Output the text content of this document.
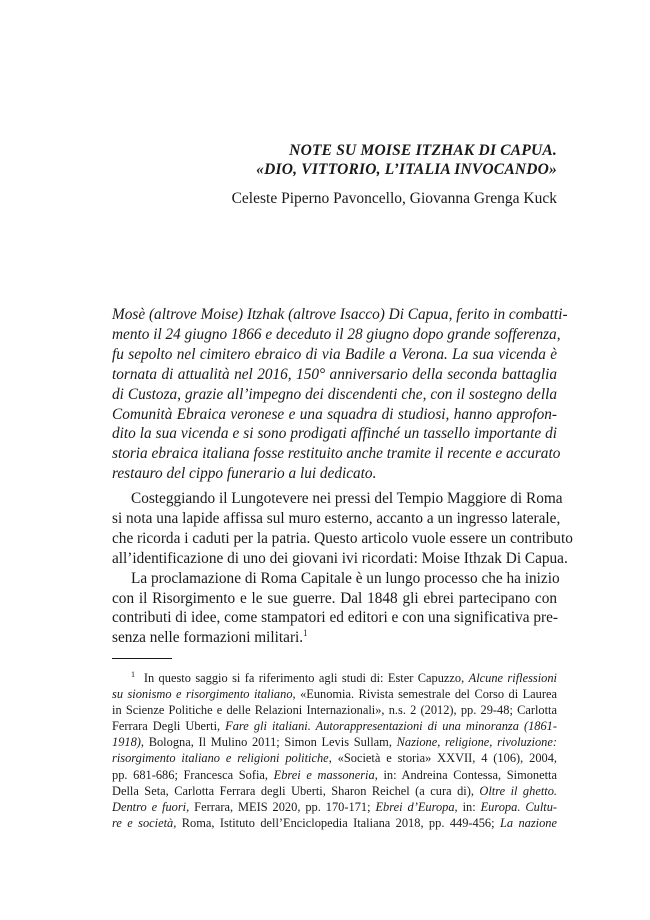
NOTE SU MOISE ITZHAK DI CAPUA.
«DIO, VITTORIO, L’ITALIA INVOCANDO»
Celeste Piperno Pavoncello, Giovanna Grenga Kuck
Mosè (altrove Moise) Itzhak (altrove Isacco) Di Capua, ferito in combatti-
mento il 24 giugno 1866 e deceduto il 28 giugno dopo grande sofferenza,
fu sepolto nel cimitero ebraico di via Badile a Verona. La sua vicenda è
tornata di attualità nel 2016, 150° anniversario della seconda battaglia
di Custoza, grazie all’impegno dei discendenti che, con il sostegno della
Comunità Ebraica veronese e una squadra di studiosi, hanno approfon-
dito la sua vicenda e si sono prodigati affinché un tassello importante di
storia ebraica italiana fosse restituito anche tramite il recente e accurato
restauro del cippo funerario a lui dedicato.
Costeggiando il Lungotevere nei pressi del Tempio Maggiore di Roma
si nota una lapide affissa sul muro esterno, accanto a un ingresso laterale,
che ricorda i caduti per la patria. Questo articolo vuole essere un contributo
all’identificazione di uno dei giovani ivi ricordati: Moise Ithzak Di Capua.
La proclamazione di Roma Capitale è un lungo processo che ha inizio
con il Risorgimento e le sue guerre. Dal 1848 gli ebrei partecipano con
contributi di idee, come stampatori ed editori e con una significativa pre-
senza nelle formazioni militari.$^1$
$^1$ In questo saggio si fa riferimento agli studi di: Ester Capuzzo, Alcune riflessioni
su sionismo e risorgimento italiano, «Eunomia. Rivista semestrale del Corso di Laurea
in Scienze Politiche e delle Relazioni Internazionali», n.s. 2 (2012), pp. 29-48; Carlotta
Ferrara Degli Uberti, Fare gli italiani. Autorappresentazioni di una minoranza (1861-
1918), Bologna, Il Mulino 2011; Simon Levis Sullam, Nazione, religione, rivoluzione:
risorgimento italiano e religioni politiche, «Società e storia» XXVII, 4 (106), 2004,
pp. 681-686; Francesca Sofia, Ebrei e massoneria, in: Andreina Contessa, Simonetta
Della Seta, Carlotta Ferrara degli Uberti, Sharon Reichel (a cura di), Oltre il ghetto.
Dentro e fuori, Ferrara, MEIS 2020, pp. 170-171; Ebrei d’Europa, in: Europa. Cultu-
re e società, Roma, Istituto dell’Enciclopedia Italiana 2018, pp. 449-456; La nazione
